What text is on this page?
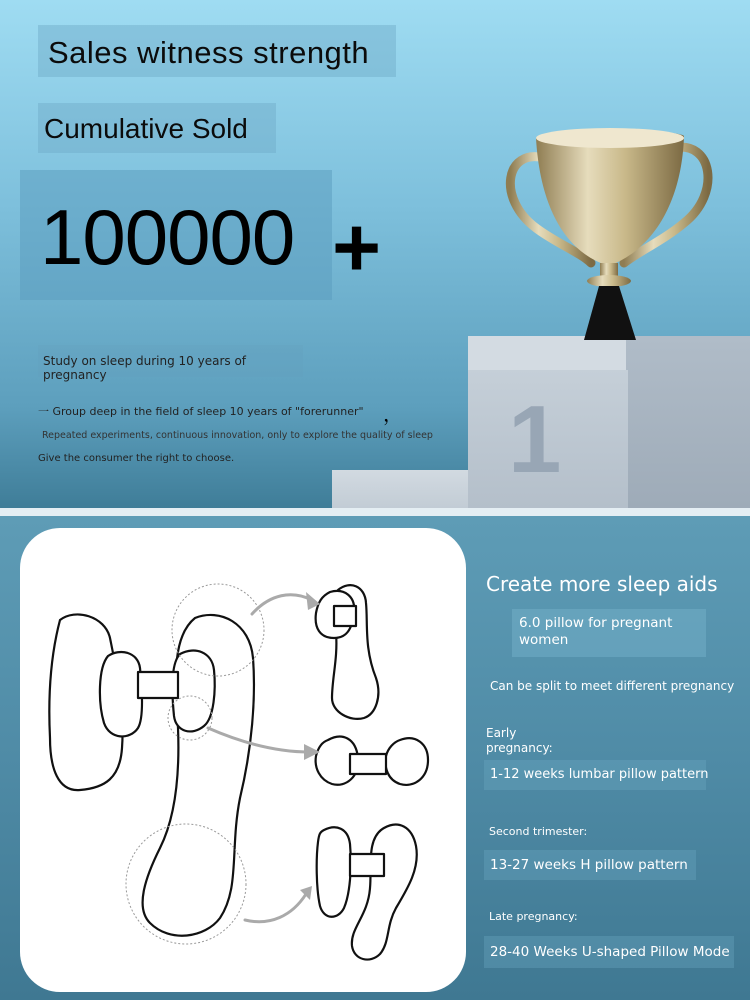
Sales witness strength
Cumulative Sold
100000 +
Study on sleep during 10 years of pregnancy
一 Group deep in the field of sleep 10 years of "forerunner" ，
Repeated experiments, continuous innovation, only to explore the quality of sleep
Give the consumer the right to choose.	1
Create more sleep aids
6.0 pillow for pregnant women
Can be split to meet different pregnancy
Early pregnancy:
1-12 weeks lumbar pillow pattern
Second trimester:
13-27 weeks H pillow pattern
Late pregnancy:
28-40 Weeks U-shaped Pillow Mode
